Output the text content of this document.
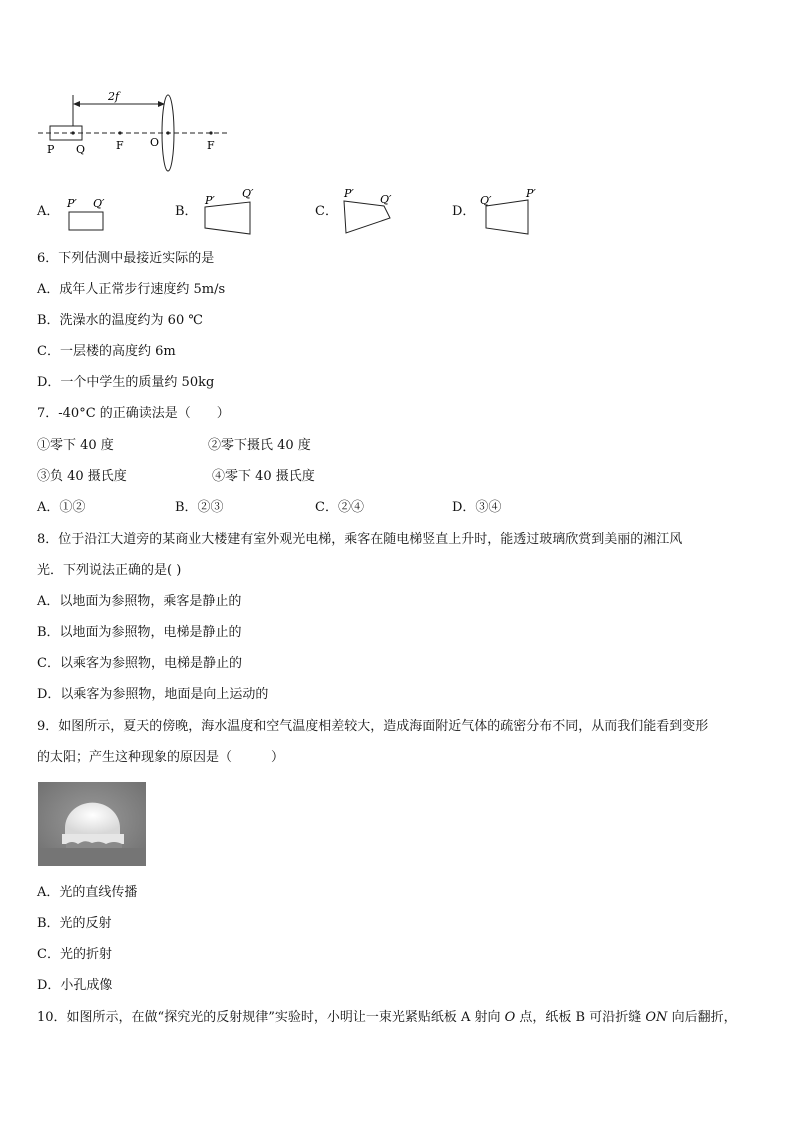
2f
P Q	F O	F
A．
P′ Q′
B．
P′
Q′
C．
P′ Q′
D．
Q′
P′
6．下列估测中最接近实际的是
A．成年人正常步行速度约 5m/s
B．洗澡水的温度约为 60 ℃
C．一层楼的高度约 6m
D．一个中学生的质量约 50kg
7．-40°C 的正确读法是（　　）
①零下 40 度	②零下摄氏 40 度
③负 40 摄氏度	④零下 40 摄氏度
A．①②	B．②③	C．②④	D．③④
8．位于沿江大道旁的某商业大楼建有室外观光电梯，乘客在随电梯竖直上升时，能透过玻璃欣赏到美丽的湘江风
光．下列说法正确的是( )
A．以地面为参照物，乘客是静止的
B．以地面为参照物，电梯是静止的
C．以乘客为参照物，电梯是静止的
D．以乘客为参照物，地面是向上运动的
9．如图所示，夏天的傍晚，海水温度和空气温度相差较大，造成海面附近气体的疏密分布不同，从而我们能看到变形
的太阳；产生这种现象的原因是（　　　）
A．光的直线传播
B．光的反射
C．光的折射
D．小孔成像
10．如图所示，在做“探究光的反射规律”实验时，小明让一束光紧贴纸板 A 射向 O 点，纸板 B 可沿折缝 ON 向后翻折，
